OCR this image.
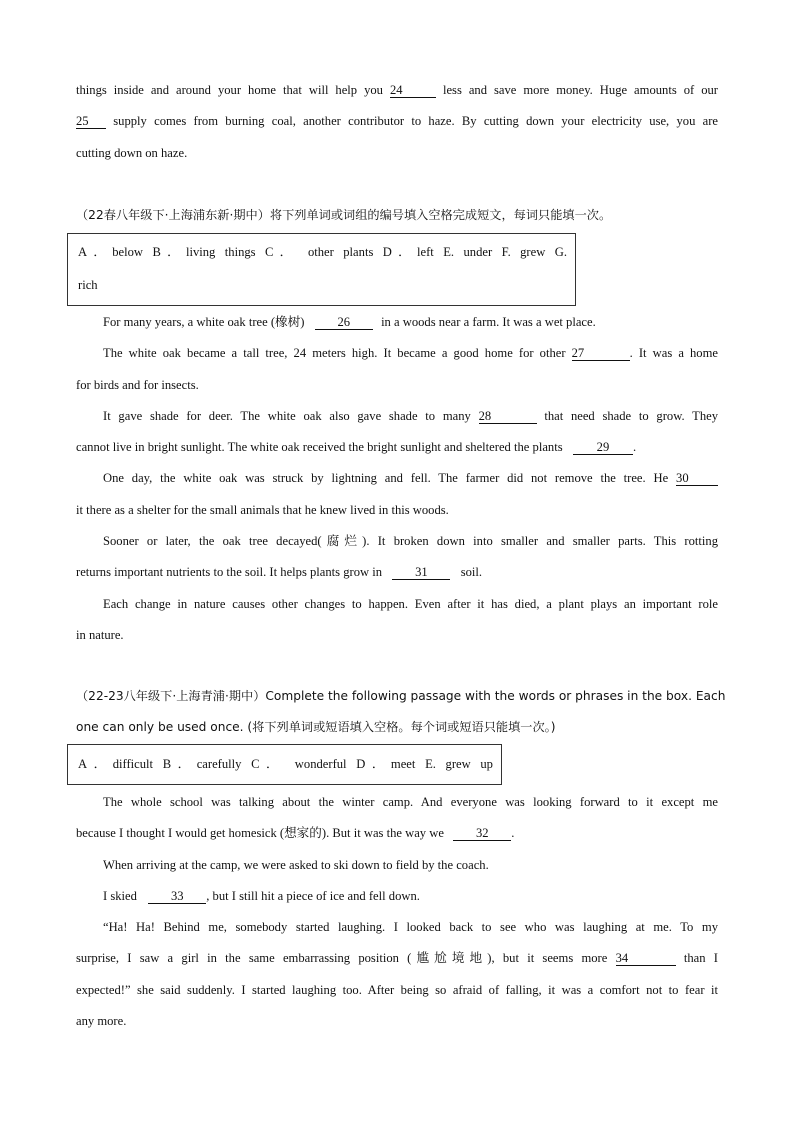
things inside and around your home that will help you 24	less and save more money. Huge amounts of our
25 supply comes from burning coal, another contributor to haze. By cutting down your electricity use, you are
cutting down on haze.
（22春八年级下·上海浦东新·期中）将下列单词或词组的编号填入空格完成短文，每词只能填一次。
A．below B．living things C． other plants D．left E. under F. grew G.
rich
For many years, a white oak tree (橡树)	26 in a woods near a farm. It was a wet place.
The white oak became a tall tree, 24 meters high. It became a good home for other 27	. It was a home
for birds and for insects.
It gave shade for deer. The white oak also gave shade to many 28	that need shade to grow. They
cannot live in bright sunlight. The white oak received the bright sunlight and sheltered the plants	29 .
One day, the white oak was struck by lightning and fell. The farmer did not remove the tree. He 30
it there as a shelter for the small animals that he knew lived in this woods.
Sooner or later, the oak tree decayed(腐烂). It broken down into smaller and smaller parts. This rotting
returns important nutrients to the soil. It helps plants grow in	31	soil.
Each change in nature causes other changes to happen. Even after it has died, a plant plays an important role
in nature.
（22-23八年级下·上海青浦·期中）Complete the following passage with the words or phrases in the box. Each
one can only be used once. (将下列单词或短语填入空格。每个词或短语只能填一次。)
A．difficult B．carefully C． wonderful D．meet E. grew up
The whole school was talking about the winter camp. And everyone was looking forward to it except me
because I thought I would get homesick (想家的). But it was the way we	32 .
When arriving at the camp, we were asked to ski down to field by the coach.
I skied	33 , but I still hit a piece of ice and fell down.
“Ha! Ha! Behind me, somebody started laughing. I looked back to see who was laughing at me. To my
surprise, I saw a girl in the same embarrassing position (尴尬境地), but it seems more 34	than I
expected!” she said suddenly. I started laughing too. After being so afraid of falling, it was a comfort not to fear it
any more.
